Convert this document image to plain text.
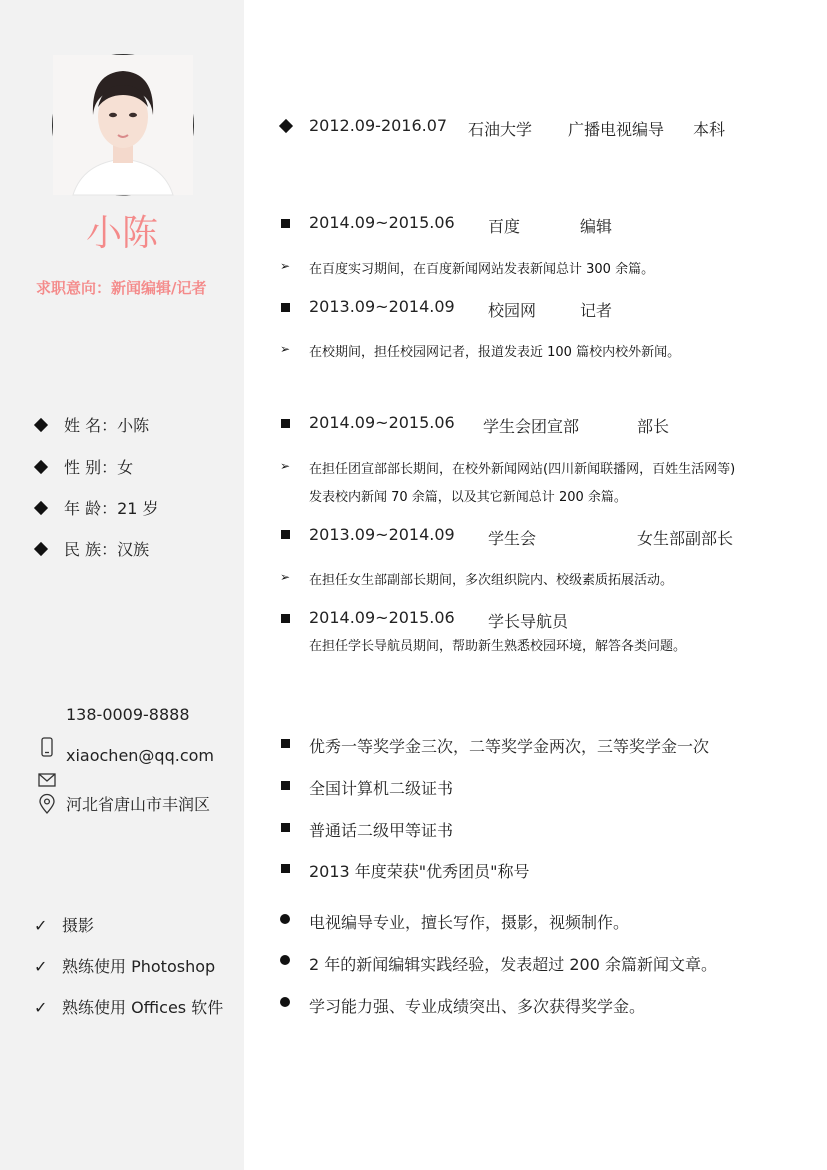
小陈
求职意向：新闻编辑/记者
姓 名：小陈
性 别：女
年 龄：21 岁
民 族：汉族
138-0009-8888
xiaochen@qq.com
河北省唐山市丰润区
✓ 摄影
✓ 熟练使用 Photoshop
✓ 熟练使用 Offices 软件
2012.09-2016.07 石油大学 广播电视编导 本科
2014.09~2015.06 百度	编辑
➢ 在百度实习期间，在百度新闻网站发表新闻总计 300 余篇。
2013.09~2014.09 校园网	记者
➢ 在校期间，担任校园网记者，报道发表近 100 篇校内校外新闻。
2014.09~2015.06 学生会团宣部	部长
➢ 在担任团宣部部长期间，在校外新闻网站(四川新闻联播网，百姓生活网等)
发表校内新闻 70 余篇，以及其它新闻总计 200 余篇。
2013.09~2014.09 学生会	女生部副部长
➢ 在担任女生部副部长期间，多次组织院内、校级素质拓展活动。
2014.09~2015.06 学长导航员
在担任学长导航员期间，帮助新生熟悉校园环境，解答各类问题。
优秀一等奖学金三次，二等奖学金两次，三等奖学金一次
全国计算机二级证书
普通话二级甲等证书
2013 年度荣获"优秀团员"称号
电视编导专业，擅长写作，摄影，视频制作。
2 年的新闻编辑实践经验，发表超过 200 余篇新闻文章。
学习能力强、专业成绩突出、多次获得奖学金。
